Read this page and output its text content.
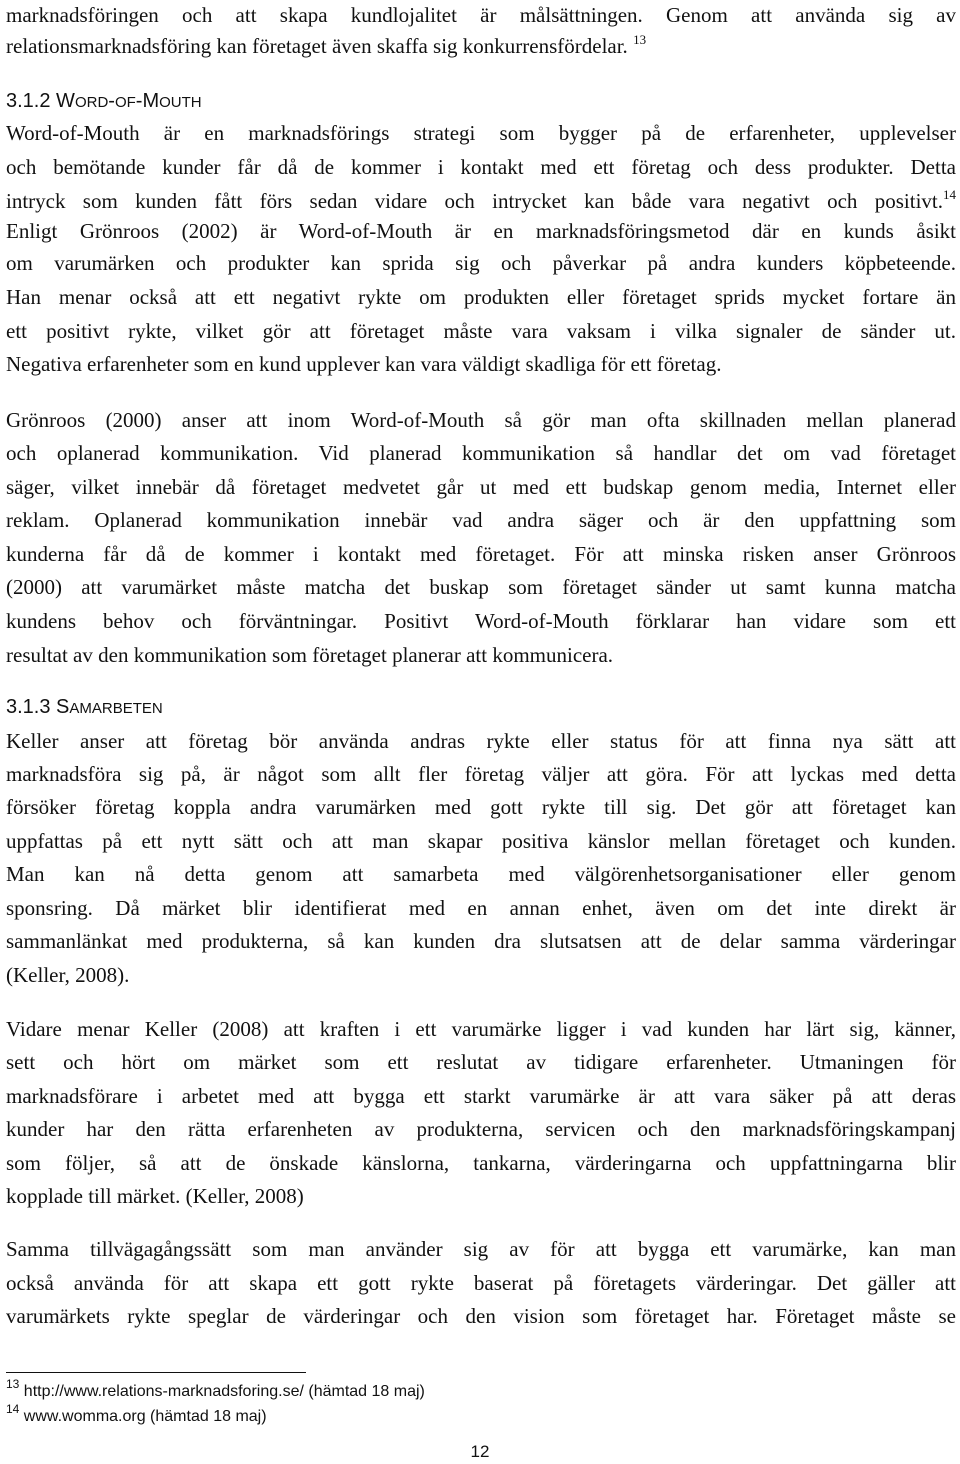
marknadsföringen och att skapa kundlojalitet är målsättningen. Genom att använda sig av
relationsmarknadsföring kan företaget även skaffa sig konkurrensfördelar. $^{13}$
3.1.2 WORD-OF-MOUTH
Word-of-Mouth är en marknadsförings strategi som bygger på de erfarenheter, upplevelser
och bemötande kunder får då de kommer i kontakt med ett företag och dess produkter. Detta
intryck som kunden fått förs sedan vidare och intrycket kan både vara negativt och positivt.$^{14}$
Enligt Grönroos (2002) är Word-of-Mouth är en marknadsföringsmetod där en kunds åsikt
om varumärken och produkter kan sprida sig och påverkar på andra kunders köpbeteende.
Han menar också att ett negativt rykte om produkten eller företaget sprids mycket fortare än
ett positivt rykte, vilket gör att företaget måste vara vaksam i vilka signaler de sänder ut.
Negativa erfarenheter som en kund upplever kan vara väldigt skadliga för ett företag.
Grönroos (2000) anser att inom Word-of-Mouth så gör man ofta skillnaden mellan planerad
och oplanerad kommunikation. Vid planerad kommunikation så handlar det om vad företaget
säger, vilket innebär då företaget medvetet går ut med ett budskap genom media, Internet eller
reklam. Oplanerad kommunikation innebär vad andra säger och är den uppfattning som
kunderna får då de kommer i kontakt med företaget. För att minska risken anser Grönroos
(2000) att varumärket måste matcha det buskap som företaget sänder ut samt kunna matcha
kundens behov och förväntningar. Positivt Word-of-Mouth förklarar han vidare som ett
resultat av den kommunikation som företaget planerar att kommunicera.
3.1.3 SAMARBETEN
Keller anser att företag bör använda andras rykte eller status för att finna nya sätt att
marknadsföra sig på, är något som allt fler företag väljer att göra. För att lyckas med detta
försöker företag koppla andra varumärken med gott rykte till sig. Det gör att företaget kan
uppfattas på ett nytt sätt och att man skapar positiva känslor mellan företaget och kunden.
Man kan nå detta genom att samarbeta med välgörenhetsorganisationer eller genom
sponsring. Då märket blir identifierat med en annan enhet, även om det inte direkt är
sammanlänkat med produkterna, så kan kunden dra slutsatsen att de delar samma värderingar
(Keller, 2008).
Vidare menar Keller (2008) att kraften i ett varumärke ligger i vad kunden har lärt sig, känner,
sett och hört om märket som ett reslutat av tidigare erfarenheter. Utmaningen för
marknadsförare i arbetet med att bygga ett starkt varumärke är att vara säker på att deras
kunder har den rätta erfarenheten av produkterna, servicen och den marknadsföringskampanj
som följer, så att de önskade känslorna, tankarna, värderingarna och uppfattningarna blir
kopplade till märket. (Keller, 2008)
Samma tillvägagångssätt som man använder sig av för att bygga ett varumärke, kan man
också använda för att skapa ett gott rykte baserat på företagets värderingar. Det gäller att
varumärkets rykte speglar de värderingar och den vision som företaget har. Företaget måste se
$^{13}$ http://www.relations-marknadsforing.se/ (hämtad 18 maj)
$^{14}$ www.womma.org (hämtad 18 maj)
12
